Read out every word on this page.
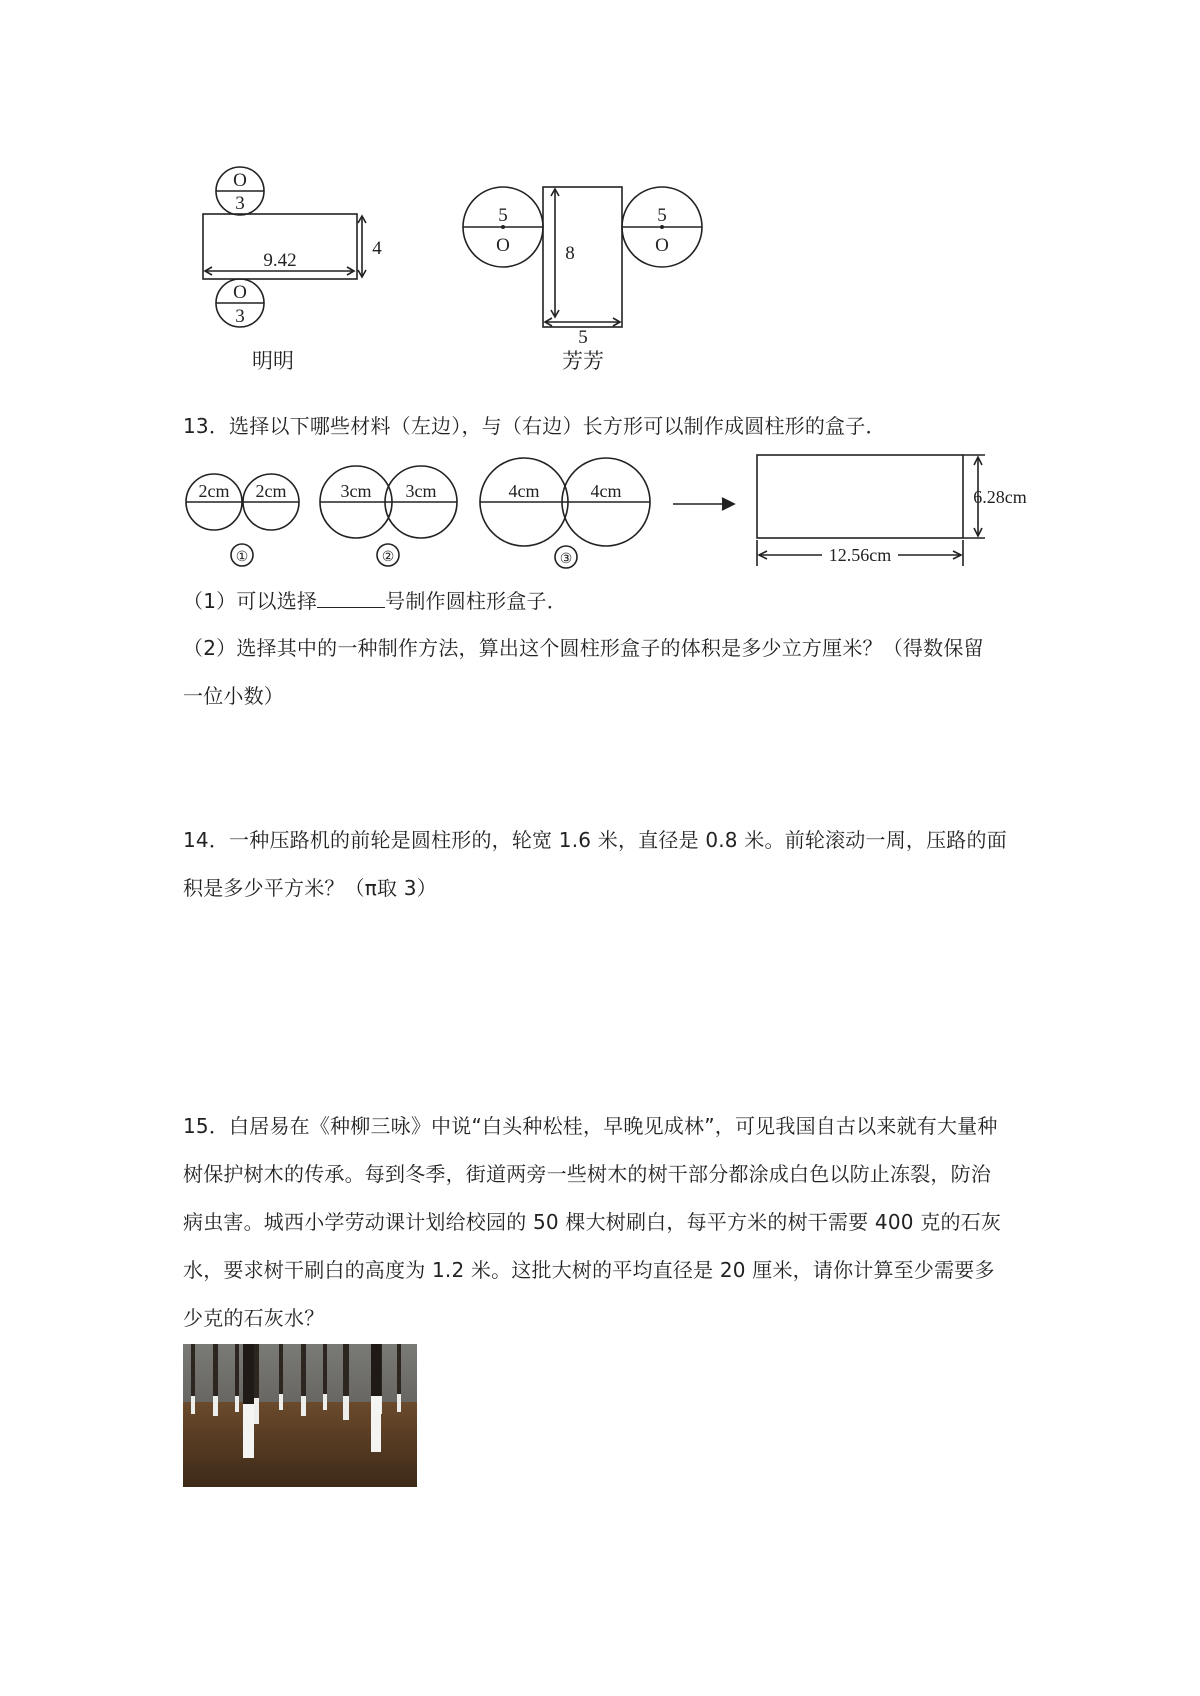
O
3
9.42
4
O
3
明明
5
O	8
5
O
5
芳芳
13．选择以下哪些材料（左边），与（右边）长方形可以制作成圆柱形的盒子．
2cm 2cm	3cm 3cm	4cm	4cm	6.28cm
12.56cm
①	②	③
（1）可以选择	号制作圆柱形盒子．
（2）选择其中的一种制作方法，算出这个圆柱形盒子的体积是多少立方厘米？（得数保留
一位小数）
14．一种压路机的前轮是圆柱形的，轮宽 1.6 米，直径是 0.8 米。前轮滚动一周，压路的面
积是多少平方米？（π取 3）
15．白居易在《种柳三咏》中说“白头种松桂，早晚见成林”，可见我国自古以来就有大量种
树保护树木的传承。每到冬季，街道两旁一些树木的树干部分都涂成白色以防止冻裂，防治
病虫害。城西小学劳动课计划给校园的 50 棵大树刷白，每平方米的树干需要 400 克的石灰
水，要求树干刷白的高度为 1.2 米。这批大树的平均直径是 20 厘米，请你计算至少需要多
少克的石灰水？
